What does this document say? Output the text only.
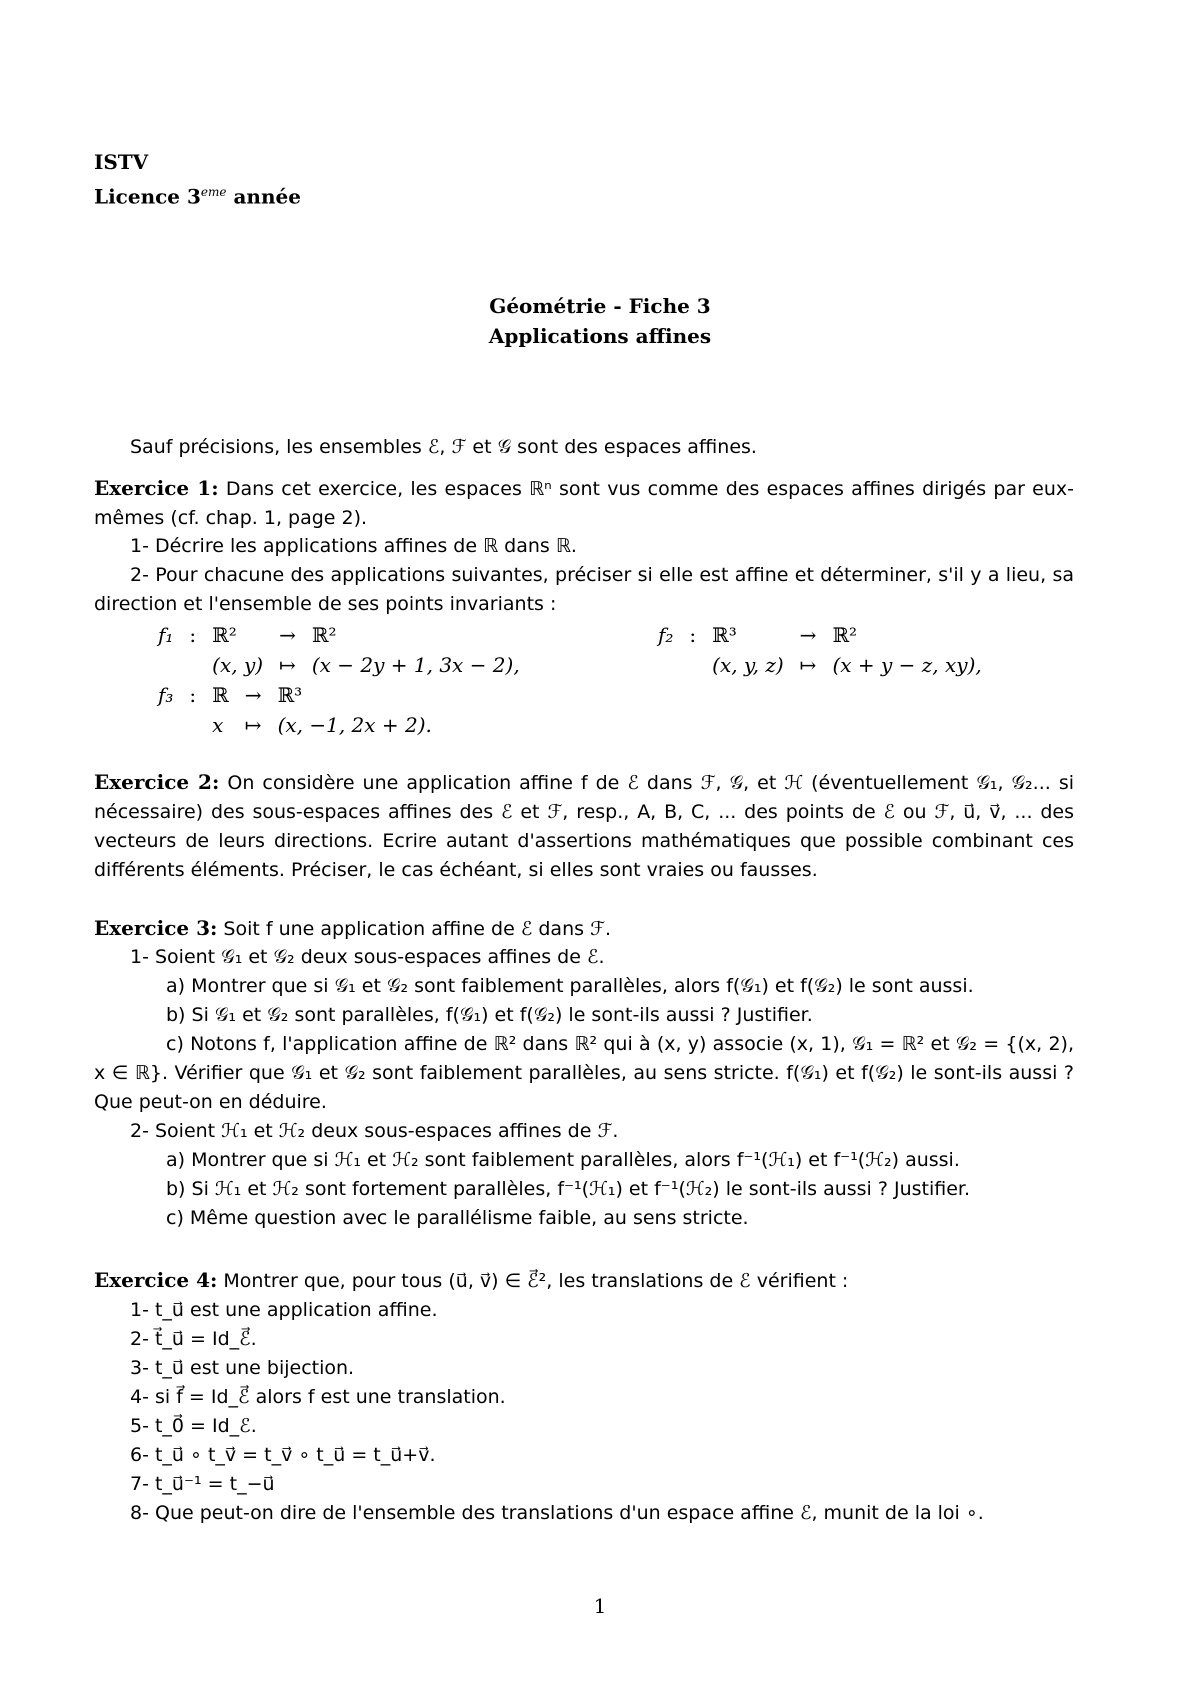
ISTV
Licence 3eme année
Géométrie - Fiche 3
Applications affines
Sauf précisions, les ensembles ℰ, ℱ et 𝒢 sont des espaces affines.
Exercice 1: Dans cet exercice, les espaces ℝⁿ sont vus comme des espaces affines dirigés par eux-mêmes (cf. chap. 1, page 2).
1- Décrire les applications affines de ℝ dans ℝ.
2- Pour chacune des applications suivantes, préciser si elle est affine et déterminer, s'il y a lieu, sa direction et l'ensemble de ses points invariants :
f₁	:	ℝ²	→	ℝ²
		(x, y)	↦	(x − 2y + 1, 3x − 2),
f₂	:	ℝ³	→	ℝ²
		(x, y, z)	↦	(x + y − z, xy),
f₃	:	ℝ	→	ℝ³
		x	↦	(x, −1, 2x + 2).
Exercice 2: On considère une application affine f de ℰ dans ℱ, 𝒢, et ℋ (éventuellement 𝒢₁, 𝒢₂... si nécessaire) des sous-espaces affines des ℰ et ℱ, resp., A, B, C, ... des points de ℰ ou ℱ, u⃗, v⃗, ... des vecteurs de leurs directions. Ecrire autant d'assertions mathématiques que possible combinant ces différents éléments. Préciser, le cas échéant, si elles sont vraies ou fausses.
Exercice 3: Soit f une application affine de ℰ dans ℱ.
1- Soient 𝒢₁ et 𝒢₂ deux sous-espaces affines de ℰ.
a) Montrer que si 𝒢₁ et 𝒢₂ sont faiblement parallèles, alors f(𝒢₁) et f(𝒢₂) le sont aussi.
b) Si 𝒢₁ et 𝒢₂ sont parallèles, f(𝒢₁) et f(𝒢₂) le sont-ils aussi ? Justifier.
c) Notons f, l'application affine de ℝ² dans ℝ² qui à (x, y) associe (x, 1), 𝒢₁ = ℝ² et 𝒢₂ = {(x, 2), x ∈ ℝ}. Vérifier que 𝒢₁ et 𝒢₂ sont faiblement parallèles, au sens stricte. f(𝒢₁) et f(𝒢₂) le sont-ils aussi ? Que peut-on en déduire.
2- Soient ℋ₁ et ℋ₂ deux sous-espaces affines de ℱ.
a) Montrer que si ℋ₁ et ℋ₂ sont faiblement parallèles, alors f⁻¹(ℋ₁) et f⁻¹(ℋ₂) aussi.
b) Si ℋ₁ et ℋ₂ sont fortement parallèles, f⁻¹(ℋ₁) et f⁻¹(ℋ₂) le sont-ils aussi ? Justifier.
c) Même question avec le parallélisme faible, au sens stricte.
Exercice 4: Montrer que, pour tous (u⃗, v⃗) ∈ ℰ⃗², les translations de ℰ vérifient :
1- t_u⃗ est une application affine.
2- t⃗_u⃗ = Id_ℰ⃗.
3- t_u⃗ est une bijection.
4- si f⃗ = Id_ℰ⃗ alors f est une translation.
5- t_0⃗ = Id_ℰ.
6- t_u⃗ ∘ t_v⃗ = t_v⃗ ∘ t_u⃗ = t_u⃗+v⃗.
7- t_u⃗⁻¹ = t_−u⃗
8- Que peut-on dire de l'ensemble des translations d'un espace affine ℰ, munit de la loi ∘.
1
